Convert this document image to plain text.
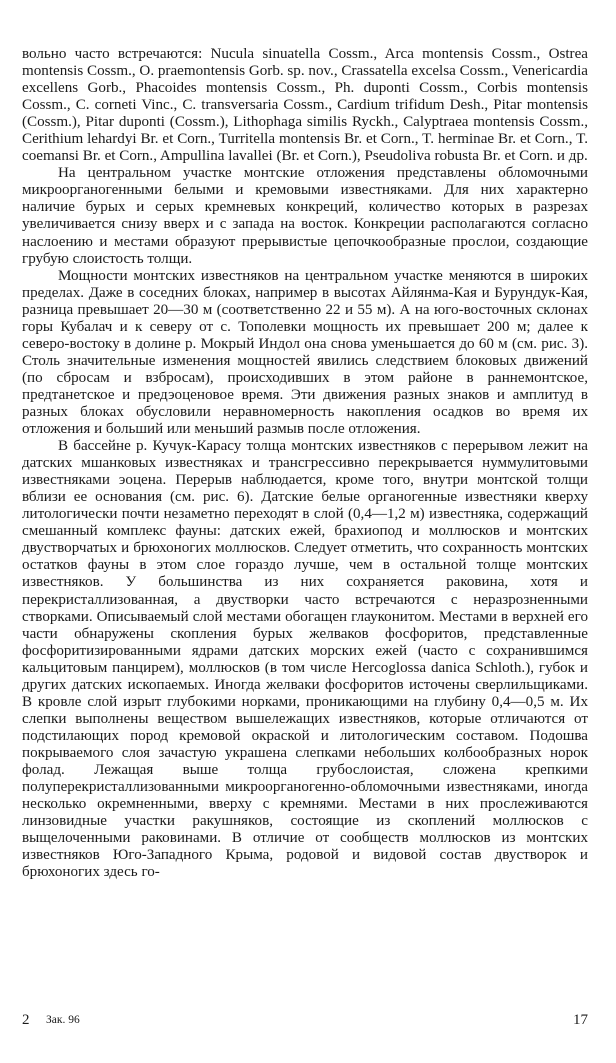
вольно часто встречаются: Nucula sinuatella Cossm., Arca montensis Cossm., Ostrea montensis Cossm., O. praemontensis Gorb. sp. nov., Crassatella excelsa Cossm., Venericardia excellens Gorb., Phacoides montensis Cossm., Ph. duponti Cossm., Corbis montensis Cossm., C. corneti Vinc., C. transversaria Cossm., Cardium trifidum Desh., Pitar montensis (Cossm.), Pitar duponti (Cossm.), Lithophaga similis Ryckh., Calyptraea montensis Cossm., Cerithium lehardyi Br. et Corn., Turritella montensis Br. et Corn., T. herminae Br. et Corn., T. coemansi Br. et Corn., Ampullina lavallei (Br. et Corn.), Pseudoliva robusta Br. et Corn. и др.

На центральном участке монтские отложения представлены обломочными микроорганогенными белыми и кремовыми известняками. Для них характерно наличие бурых и серых кремневых конкреций, количество которых в разрезах увеличивается снизу вверх и с запада на восток. Конкреции располагаются согласно наслоению и местами образуют прерывистые цепочкообразные прослои, создающие грубую слоистость толщи.

Мощности монтских известняков на центральном участке меняются в широких пределах. Даже в соседних блоках, например в высотах Айлянма-Кая и Бурундук-Кая, разница превышает 20—30 м (соответственно 22 и 55 м). А на юго-восточных склонах горы Кубалач и к северу от с. Тополевки мощность их превышает 200 м; далее к северо-востоку в долине р. Мокрый Индол она снова уменьшается до 60 м (см. рис. 3). Столь значительные изменения мощностей явились следствием блоковых движений (по сбросам и взбросам), происходивших в этом районе в раннемонтское, предтанетское и предэоценовое время. Эти движения разных знаков и амплитуд в разных блоках обусловили неравномерность накопления осадков во время их отложения и больший или меньший размыв после отложения.

В бассейне р. Кучук-Карасу толща монтских известняков с перерывом лежит на датских мшанковых известняках и трансгрессивно перекрывается нуммулитовыми известняками эоцена. Перерыв наблюдается, кроме того, внутри монтской толщи вблизи ее основания (см. рис. 6). Датские белые органогенные известняки кверху литологически почти незаметно переходят в слой (0,4—1,2 м) известняка, содержащий смешанный комплекс фауны: датских ежей, брахиопод и моллюсков и монтских двустворчатых и брюхоногих моллюсков. Следует отметить, что сохранность монтских остатков фауны в этом слое гораздо лучше, чем в остальной толще монтских известняков. У большинства из них сохраняется раковина, хотя и перекристаллизованная, а двустворки часто встречаются с неразрозненными створками. Описываемый слой местами обогащен глауконитом. Местами в верхней его части обнаружены скопления бурых желваков фосфоритов, представленные фосфоритизированными ядрами датских морских ежей (часто с сохранившимся кальцитовым панцирем), моллюсков (в том числе Hercoglossa danica Schloth.), губок и других датских ископаемых. Иногда желваки фосфоритов источены сверлильщиками. В кровле слой изрыт глубокими норками, проникающими на глубину 0,4—0,5 м. Их слепки выполнены веществом вышележащих известняков, которые отличаются от подстилающих пород кремовой окраской и литологическим составом. Подошва покрываемого слоя зачастую украшена слепками небольших колбообразных норок фолад. Лежащая выше толща грубослоистая, сложена крепкими полуперекристаллизованными микроорганогенно-обломочными известняками, иногда несколько окремненными, вверху с кремнями. Местами в них прослеживаются линзовидные участки ракушняков, состоящие из скоплений моллюсков с выщелоченными раковинами. В отличие от сообществ моллюсков из монтских известняков Юго-Западного Крыма, родовой и видовой состав двустворок и брюхоногих здесь го-

2 Зак. 96	17
